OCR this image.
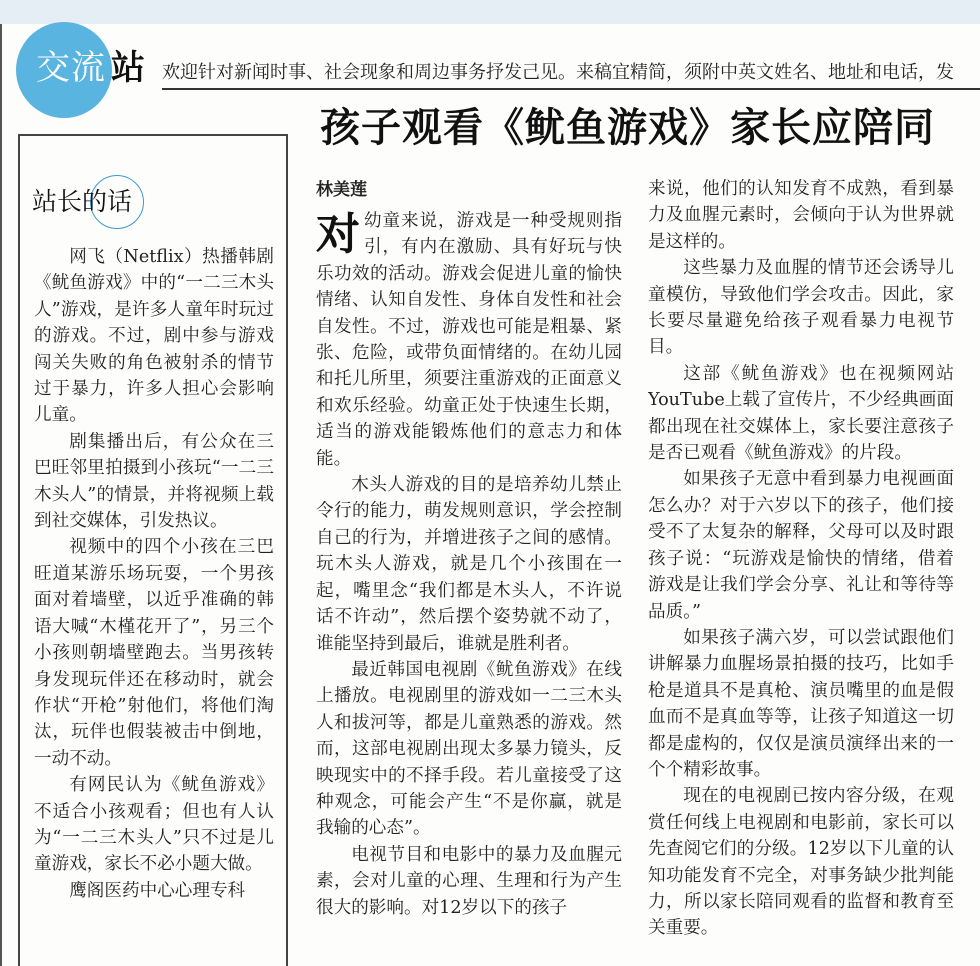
交流 站 欢迎针对新闻时事、社会现象和周边事务抒发己见。来稿宜精简，须附中英文姓名、地址和电话，发
孩子观看《鱿鱼游戏》家长应陪同
站长的话

网飞（Netflix）热播韩剧《鱿鱼游戏》中的“一二三木头人”游戏，是许多人童年时玩过的游戏。不过，剧中参与游戏闯关失败的角色被射杀的情节过于暴力，许多人担心会影响儿童。

剧集播出后，有公众在三巴旺邻里拍摄到小孩玩“一二三木头人”的情景，并将视频上载到社交媒体，引发热议。

视频中的四个小孩在三巴旺道某游乐场玩耍，一个男孩面对着墙壁，以近乎准确的韩语大喊“木槿花开了”，另三个小孩则朝墙壁跑去。当男孩转身发现玩伴还在移动时，就会作状“开枪”射他们，将他们淘汰，玩伴也假装被击中倒地，一动不动。

有网民认为《鱿鱼游戏》不适合小孩观看；但也有人认为“一二三木头人”只不过是儿童游戏，家长不必小题大做。

鹰阁医药中心心理专科

林美莲

对幼童来说，游戏是一种受规则指引，有内在激励、具有好玩与快乐功效的活动。游戏会促进儿童的愉快情绪、认知自发性、身体自发性和社会自发性。不过，游戏也可能是粗暴、紧张、危险，或带负面情绪的。在幼儿园和托儿所里，须要注重游戏的正面意义和欢乐经验。幼童正处于快速生长期，适当的游戏能锻炼他们的意志力和体能。

木头人游戏的目的是培养幼儿禁止令行的能力，萌发规则意识，学会控制自己的行为，并增进孩子之间的感情。玩木头人游戏，就是几个小孩围在一起，嘴里念“我们都是木头人，不许说话不许动”，然后摆个姿势就不动了，谁能坚持到最后，谁就是胜利者。

最近韩国电视剧《鱿鱼游戏》在线上播放。电视剧里的游戏如一二三木头人和拔河等，都是儿童熟悉的游戏。然而，这部电视剧出现太多暴力镜头，反映现实中的不择手段。若儿童接受了这种观念，可能会产生“不是你赢，就是我输的心态”。

电视节目和电影中的暴力及血腥元素，会对儿童的心理、生理和行为产生很大的影响。对12岁以下的孩子

来说，他们的认知发育不成熟，看到暴力及血腥元素时，会倾向于认为世界就是这样的。

这些暴力及血腥的情节还会诱导儿童模仿，导致他们学会攻击。因此，家长要尽量避免给孩子观看暴力电视节目。

这部《鱿鱼游戏》也在视频网站YouTube上载了宣传片，不少经典画面都出现在社交媒体上，家长要注意孩子是否已观看《鱿鱼游戏》的片段。

如果孩子无意中看到暴力电视画面怎么办？对于六岁以下的孩子，他们接受不了太复杂的解释，父母可以及时跟孩子说：“玩游戏是愉快的情绪，借着游戏是让我们学会分享、礼让和等待等品质。”

如果孩子满六岁，可以尝试跟他们讲解暴力血腥场景拍摄的技巧，比如手枪是道具不是真枪、演员嘴里的血是假血而不是真血等等，让孩子知道这一切都是虚构的，仅仅是演员演绎出来的一个个精彩故事。

现在的电视剧已按内容分级，在观赏任何线上电视剧和电影前，家长可以先查阅它们的分级。12岁以下儿童的认知功能发育不完全，对事务缺少批判能力，所以家长陪同观看的监督和教育至关重要。
